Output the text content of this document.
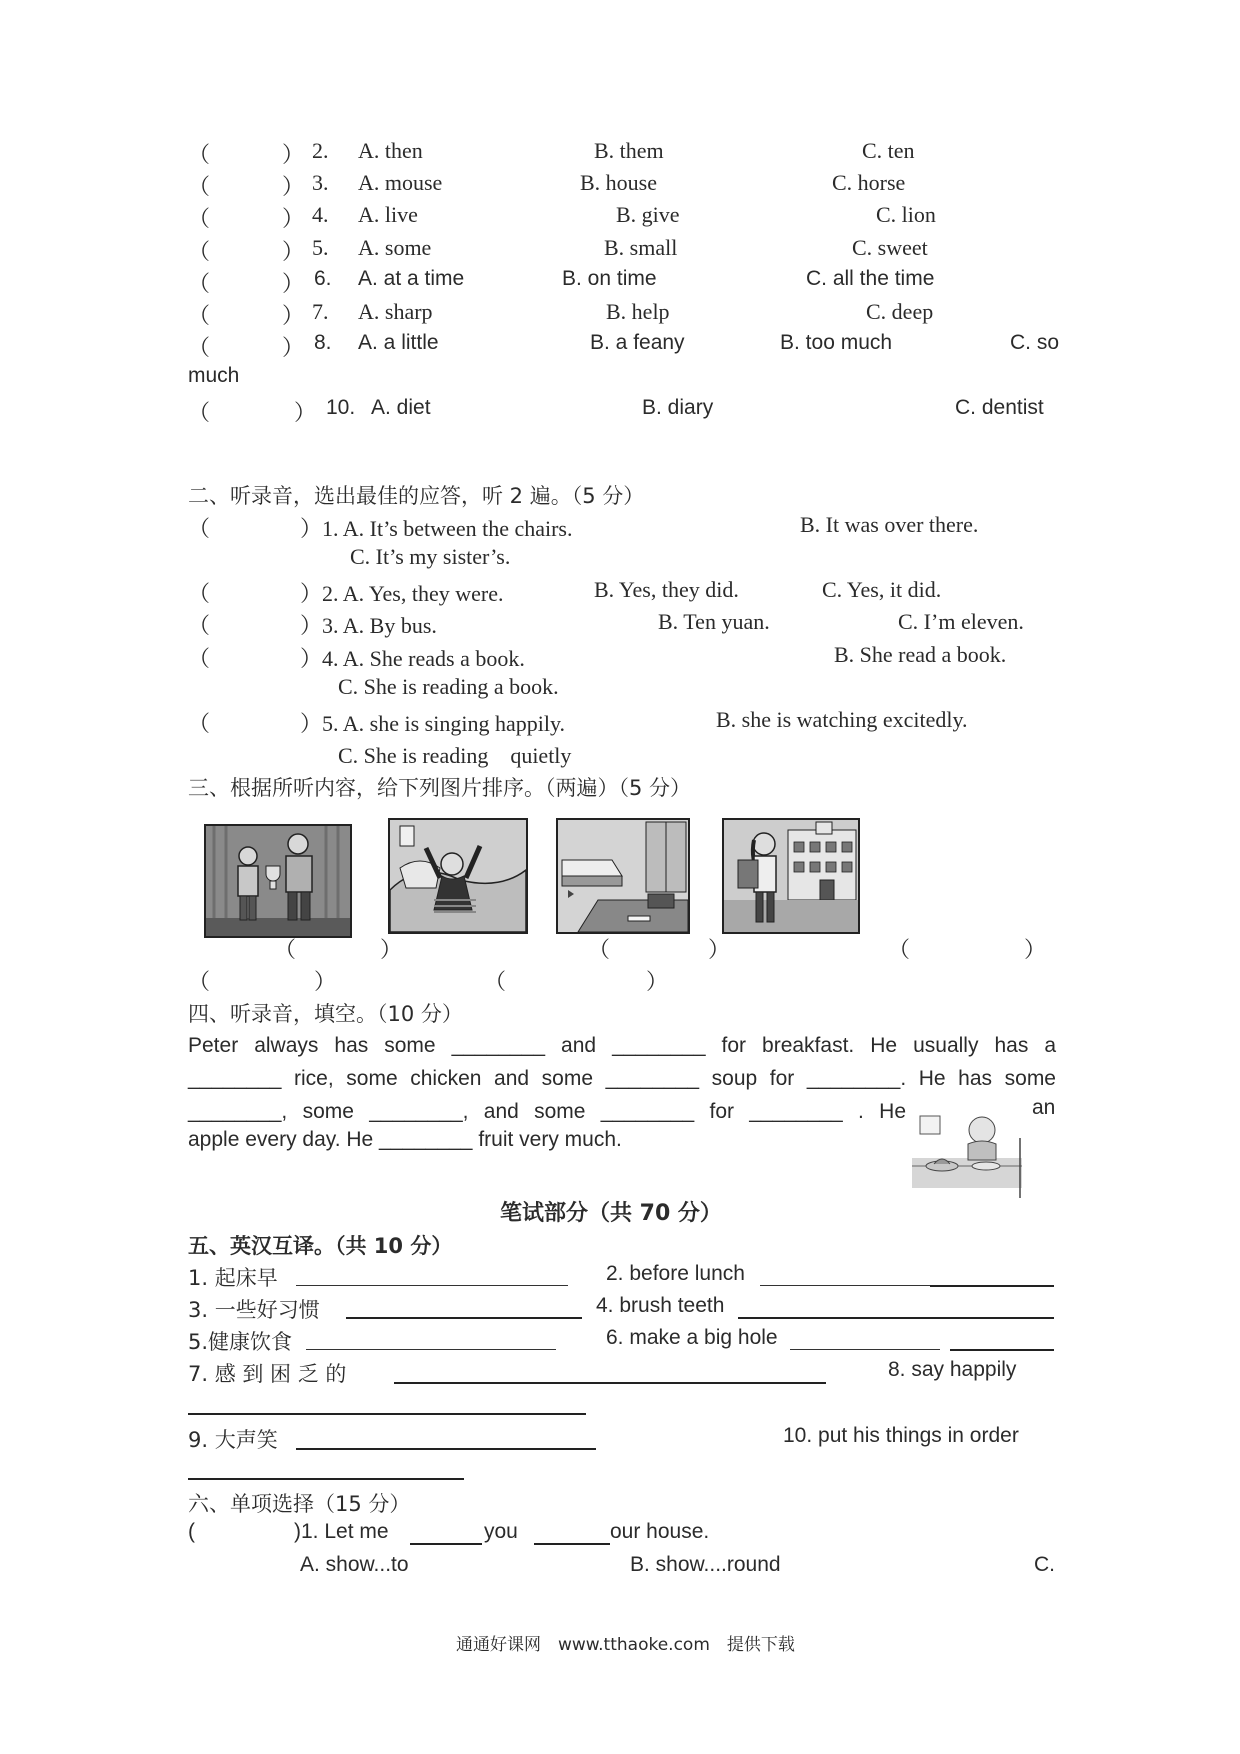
（	） 2. A. then	B. them	C. ten
（	） 3. A. mouse	B. house	C. horse
（	） 4. A. live	B. give	C. lion
（	） 5. A. some	B. small	C. sweet
（	） 6. A. at a time	B. on time	C. all the time
（	） 7. A. sharp	B. help	C. deep
（	） 8. A. a little	B. a feany	B. too much	C. so
much
（	） 10. A. diet	B. diary	C. dentist
二、听录音，选出最佳的应答，听 2 遍。（5 分）
（	）1. A. It’s between the chairs.	B. It was over there.
C. It’s my sister’s.
（	）2. A. Yes, they were.	B. Yes, they did.	C. Yes, it did.
（	）3. A. By bus.	B. Ten yuan.	C. I’m eleven.
（	）4. A. She reads a book.	B. She read a book.
C. She is reading a book.
（	）5. A. she is singing happily.	B. she is watching excitedly.
C. She is reading　quietly
三、根据所听内容，给下列图片排序。（两遍）（5 分）
（	）	（	）	（	）
（	）	（	）
四、听录音，填空。（10 分）
Peter always has some ________ and ________ for breakfast. He usually has a
________ rice, some chicken and some ________ soup for ________. He has some
________, some ________, and some ________ for ________ . He	an
apple every day. He ________ fruit very much.
笔试部分（共 70 分）
五、英汉互译。（共 10 分）
1. 起床早	2. before lunch
3. 一些好习惯	4. brush teeth
5.健康饮食	6. make a big hole
7. 感 到 困 乏 的	8. say happily
9. 大声笑	10. put his things in order
六、单项选择（15 分）
(	)1. Let me	you	our house.
A. show...to	B. show....round	C.
通通好课网　www.tthaoke.com　提供下载
